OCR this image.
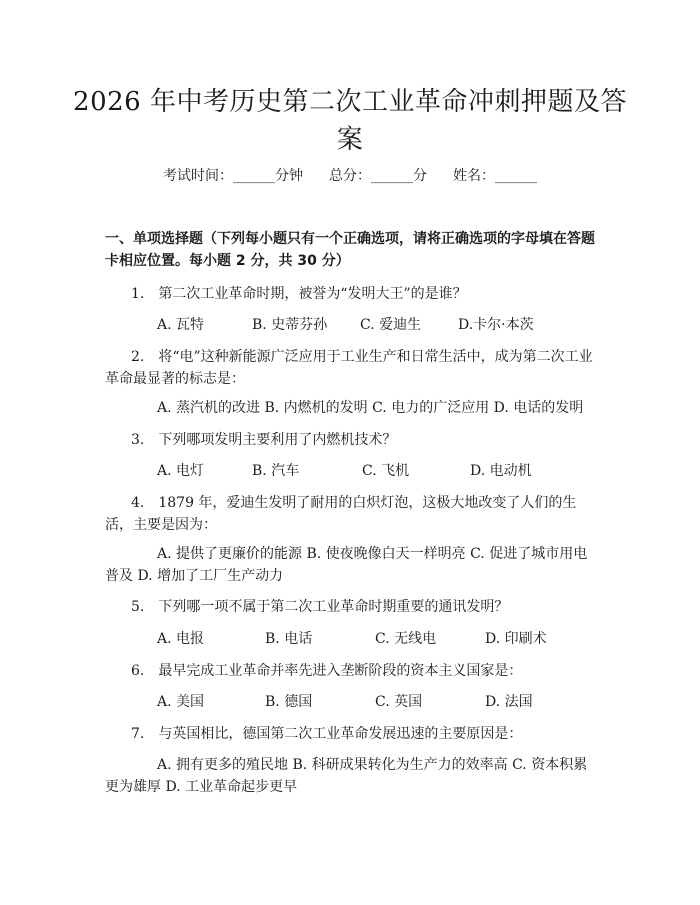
2026 年中考历史第二次工业革命冲刺押题及答案
考试时间：______分钟 总分：______分 姓名：______
一、单项选择题（下列每小题只有一个正确选项，请将正确选项的字母填在答题卡相应位置。每小题 2 分，共 30 分）
1.　第二次工业革命时期，被誉为“发明大王”的是谁？
A. 瓦特	B. 史蒂芬孙 C. 爱迪生	D.卡尔·本茨
2.　将“电”这种新能源广泛应用于工业生产和日常生活中，成为第二次工业革命最显著的标志是：
A. 蒸汽机的改进 B. 内燃机的发明 C. 电力的广泛应用 D. 电话的发明
3.　下列哪项发明主要利用了内燃机技术？
A. 电灯	B. 汽车	C. 飞机	D. 电动机
4.　1879 年，爱迪生发明了耐用的白炽灯泡，这极大地改变了人们的生活，主要是因为：
A. 提供了更廉价的能源 B. 使夜晚像白天一样明亮 C. 促进了城市用电普及 D. 增加了工厂生产动力
5.　下列哪一项不属于第二次工业革命时期重要的通讯发明？
A. 电报	B. 电话	C. 无线电	D. 印刷术
6.　最早完成工业革命并率先进入垄断阶段的资本主义国家是：
A. 美国	B. 德国	C. 英国	D. 法国
7.　与英国相比，德国第二次工业革命发展迅速的主要原因是：
A. 拥有更多的殖民地 B. 科研成果转化为生产力的效率高 C. 资本积累更为雄厚 D. 工业革命起步更早
